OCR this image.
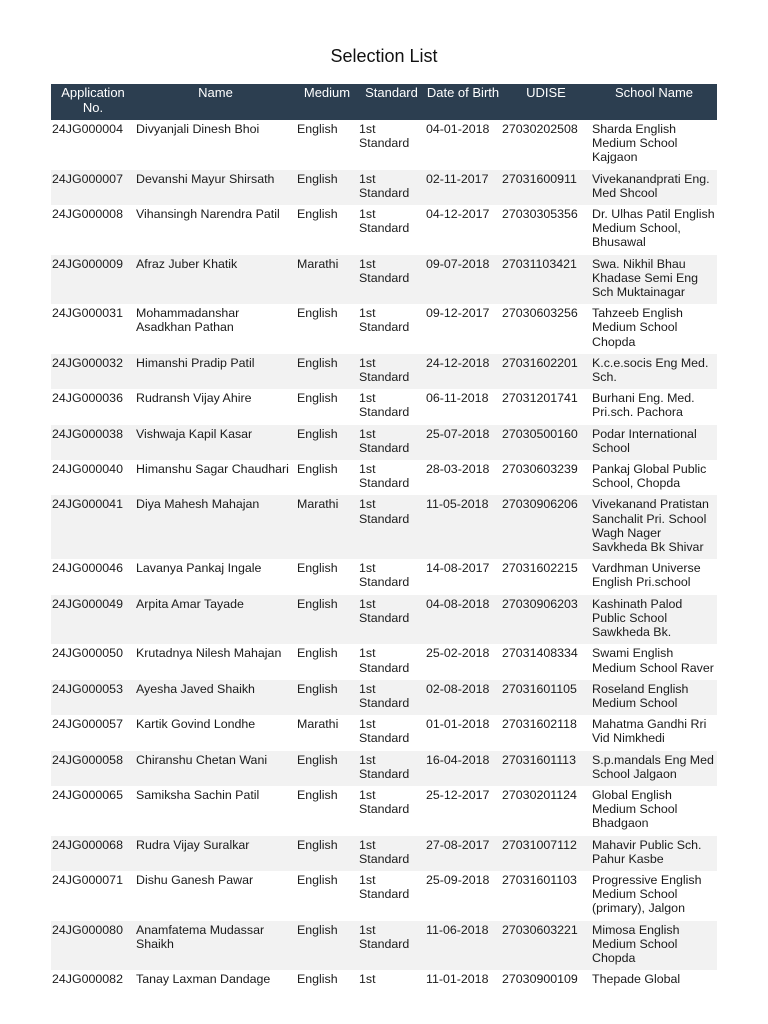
Selection List
Application No.	Name	Medium	Standard	Date of Birth	UDISE	School Name
24JG000004	Divyanjali Dinesh Bhoi	English	1st Standard	04-01-2018	27030202508	Sharda English Medium School Kajgaon
24JG000007	Devanshi Mayur Shirsath	English	1st Standard	02-11-2017	27031600911	Vivekanandprati Eng. Med Shcool
24JG000008	Vihansingh Narendra Patil	English	1st Standard	04-12-2017	27030305356	Dr. Ulhas Patil English Medium School, Bhusawal
24JG000009	Afraz Juber Khatik	Marathi	1st Standard	09-07-2018	27031103421	Swa. Nikhil Bhau Khadase Semi Eng Sch Muktainagar
24JG000031	Mohammadanshar Asadkhan Pathan	English	1st Standard	09-12-2017	27030603256	Tahzeeb English Medium School Chopda
24JG000032	Himanshi Pradip Patil	English	1st Standard	24-12-2018	27031602201	K.c.e.socis Eng Med. Sch.
24JG000036	Rudransh Vijay Ahire	English	1st Standard	06-11-2018	27031201741	Burhani Eng. Med. Pri.sch. Pachora
24JG000038	Vishwaja Kapil Kasar	English	1st Standard	25-07-2018	27030500160	Podar International School
24JG000040	Himanshu Sagar Chaudhari	English	1st Standard	28-03-2018	27030603239	Pankaj Global Public School, Chopda
24JG000041	Diya Mahesh Mahajan	Marathi	1st Standard	11-05-2018	27030906206	Vivekanand Pratistan Sanchalit Pri. School Wagh Nager Savkheda Bk Shivar
24JG000046	Lavanya Pankaj Ingale	English	1st Standard	14-08-2017	27031602215	Vardhman Universe English Pri.school
24JG000049	Arpita Amar Tayade	English	1st Standard	04-08-2018	27030906203	Kashinath Palod Public School Sawkheda Bk.
24JG000050	Krutadnya Nilesh Mahajan	English	1st Standard	25-02-2018	27031408334	Swami English Medium School Raver
24JG000053	Ayesha Javed Shaikh	English	1st Standard	02-08-2018	27031601105	Roseland English Medium School
24JG000057	Kartik Govind Londhe	Marathi	1st Standard	01-01-2018	27031602118	Mahatma Gandhi Rri Vid Nimkhedi
24JG000058	Chiranshu Chetan Wani	English	1st Standard	16-04-2018	27031601113	S.p.mandals Eng Med School Jalgaon
24JG000065	Samiksha Sachin Patil	English	1st Standard	25-12-2017	27030201124	Global English Medium School Bhadgaon
24JG000068	Rudra Vijay Suralkar	English	1st Standard	27-08-2017	27031007112	Mahavir Public Sch. Pahur Kasbe
24JG000071	Dishu Ganesh Pawar	English	1st Standard	25-09-2018	27031601103	Progressive English Medium School (primary), Jalgon
24JG000080	Anamfatema Mudassar Shaikh	English	1st Standard	11-06-2018	27030603221	Mimosa English Medium School Chopda
24JG000082	Tanay Laxman Dandage	English	1st	11-01-2018	27030900109	Thepade Global
